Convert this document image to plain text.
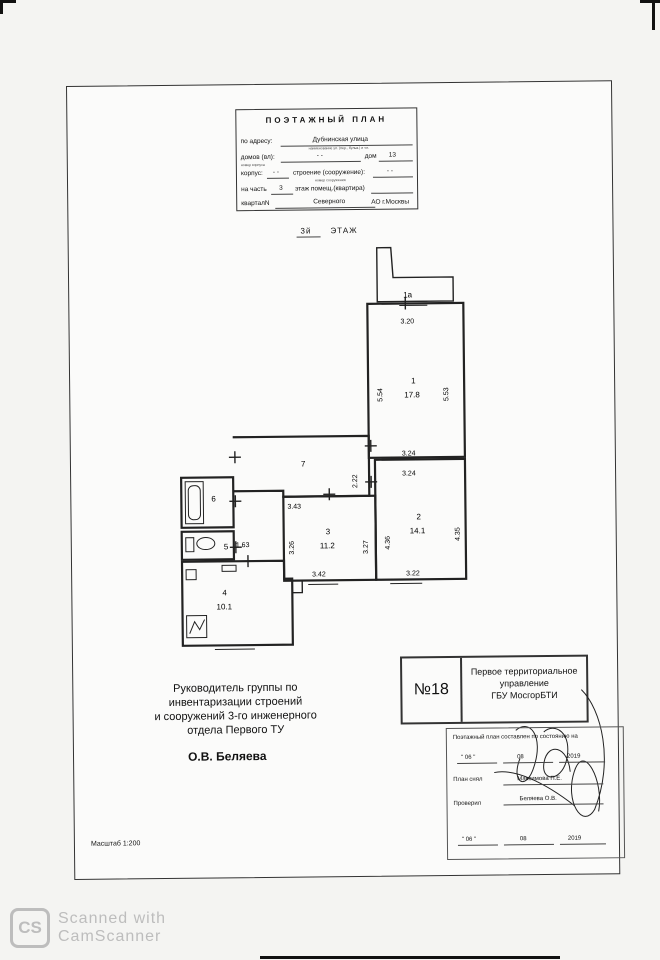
ПОЭТАЖНЫЙ ПЛАН
по адресу:	Дубнинская улица
наименование ул. (пер., бульв.) и т.п.
домов (вл):	- -	дом 13
номер корпуса
корпус: - - строение (сооружение):	- -
номер сооружения
на часть 3 этаж помещ.(квартира)
кварталN	Северного	АО г.Москвы
3й ЭТАЖ
1а
1
17.8
2
14.1
3
11.2
4
10.1
5
6
7
3.20
5.54	5.53
3.24
3.24
2.22
3.43
4.36
4.35
3.26	3.27
3.42	3.22
1.63
Руководитель группы по
инвентаризации строений
и сооружений 3-го инженерного
отдела Первого ТУ
О.В. Беляева
№18
Первое территориальное
управление
ГБУ МосгорБТИ
Поэтажный план составлен по состоянию на
" 06 "	08	2019
План снял	Максимова П.Е.
Проверил
Беляева О.В.
" 06 "	08	2019
Масштаб 1:200
CS	Scanned with
CamScanner
